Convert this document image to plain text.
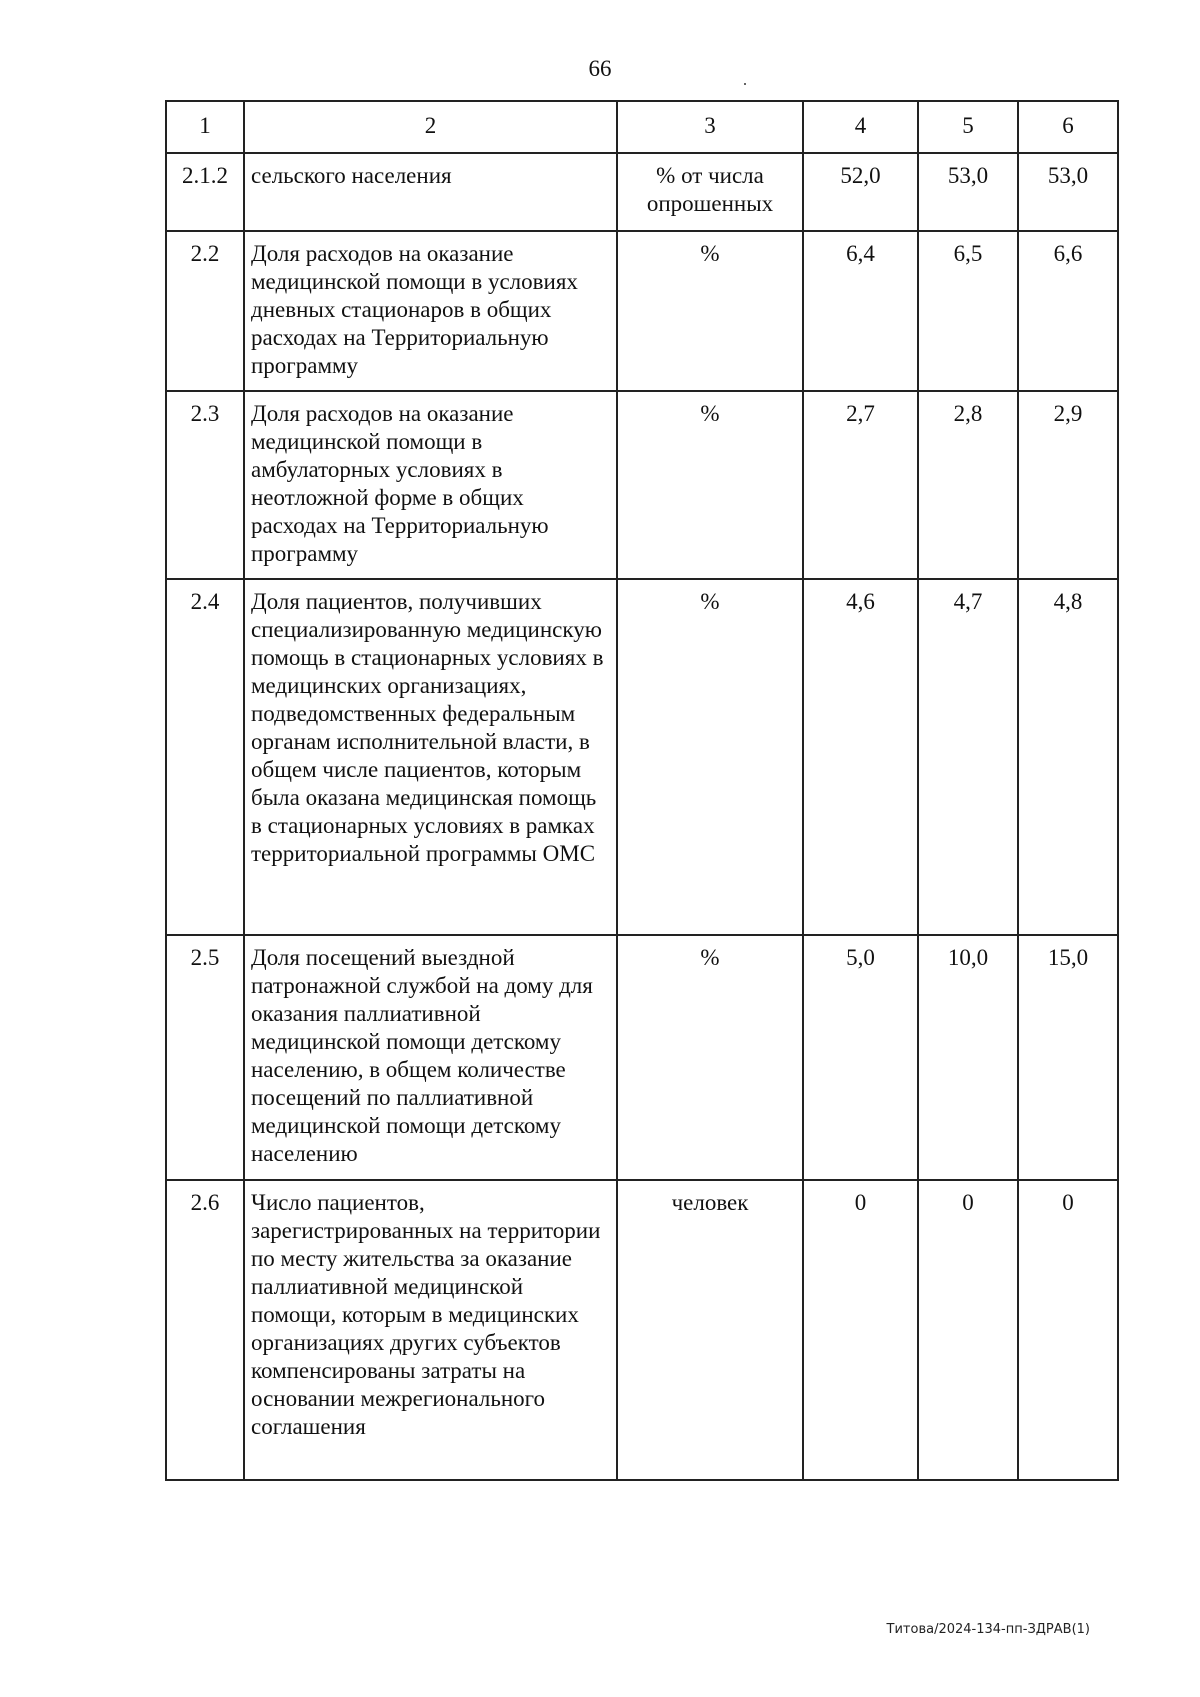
66
1	2	3	4	5	6
2.1.2	сельского населения	% от числа опрошенных	52,0	53,0	53,0
2.2	Доля расходов на оказание медицинской помощи в условиях дневных стационаров в общих расходах на Территориальную программу	%	6,4	6,5	6,6
2.3	Доля расходов на оказание медицинской помощи в амбулаторных условиях в неотложной форме в общих расходах на Территориальную программу	%	2,7	2,8	2,9
2.4	Доля пациентов, получивших специализированную медицинскую помощь в стационарных условиях в медицинских организациях, подведомственных федеральным органам исполнительной власти, в общем числе пациентов, которым была оказана медицинская помощь в стационарных условиях в рамках территориальной программы ОМС	%	4,6	4,7	4,8
2.5	Доля посещений выездной патронажной службой на дому для оказания паллиативной медицинской помощи детскому населению, в общем количестве посещений по паллиативной медицинской помощи детскому населению	%	5,0	10,0	15,0
2.6	Число пациентов, зарегистрированных на территории по месту жительства за оказание паллиативной медицинской помощи, которым в медицинских организациях других субъектов компенсированы затраты на основании межрегионального соглашения	человек	0	0	0
Титова/2024-134-пп-ЗДРАВ(1)
